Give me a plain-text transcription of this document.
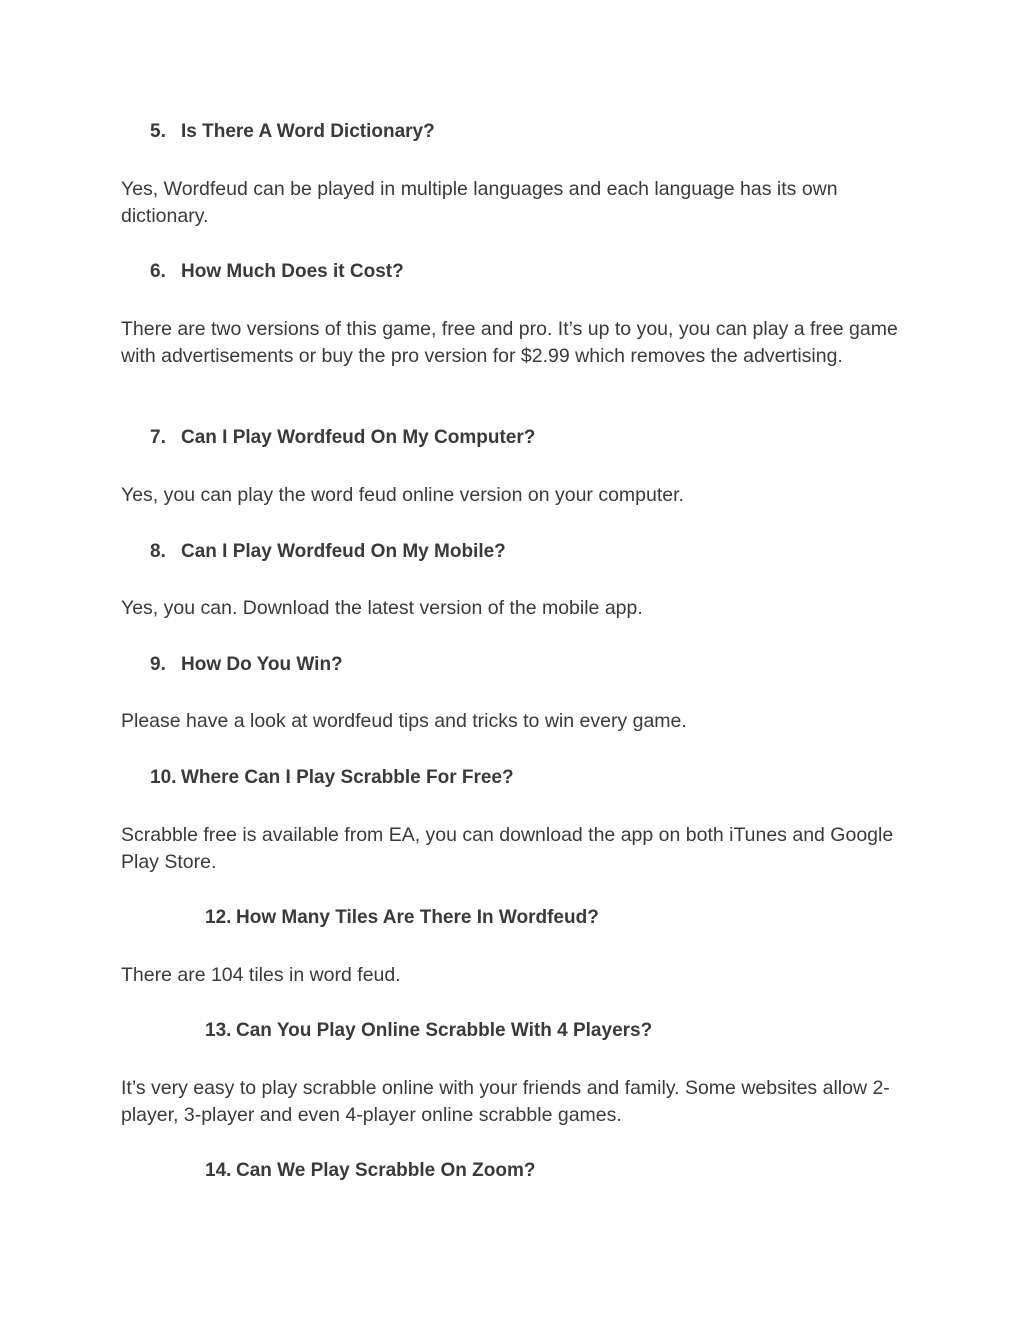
5. Is There A Word Dictionary?

Yes, Wordfeud can be played in multiple languages and each language has its own dictionary.

6. How Much Does it Cost?

There are two versions of this game, free and pro. It’s up to you, you can play a free game with advertisements or buy the pro version for $2.99 which removes the advertising.

7. Can I Play Wordfeud On My Computer?

Yes, you can play the word feud online version on your computer.

8. Can I Play Wordfeud On My Mobile?

Yes, you can. Download the latest version of the mobile app.

9. How Do You Win?

Please have a look at wordfeud tips and tricks to win every game.

10. Where Can I Play Scrabble For Free?

Scrabble free is available from EA, you can download the app on both iTunes and Google Play Store.

12. How Many Tiles Are There In Wordfeud?

There are 104 tiles in word feud.

13. Can You Play Online Scrabble With 4 Players?

It’s very easy to play scrabble online with your friends and family. Some websites allow 2-player, 3-player and even 4-player online scrabble games.

14. Can We Play Scrabble On Zoom?
